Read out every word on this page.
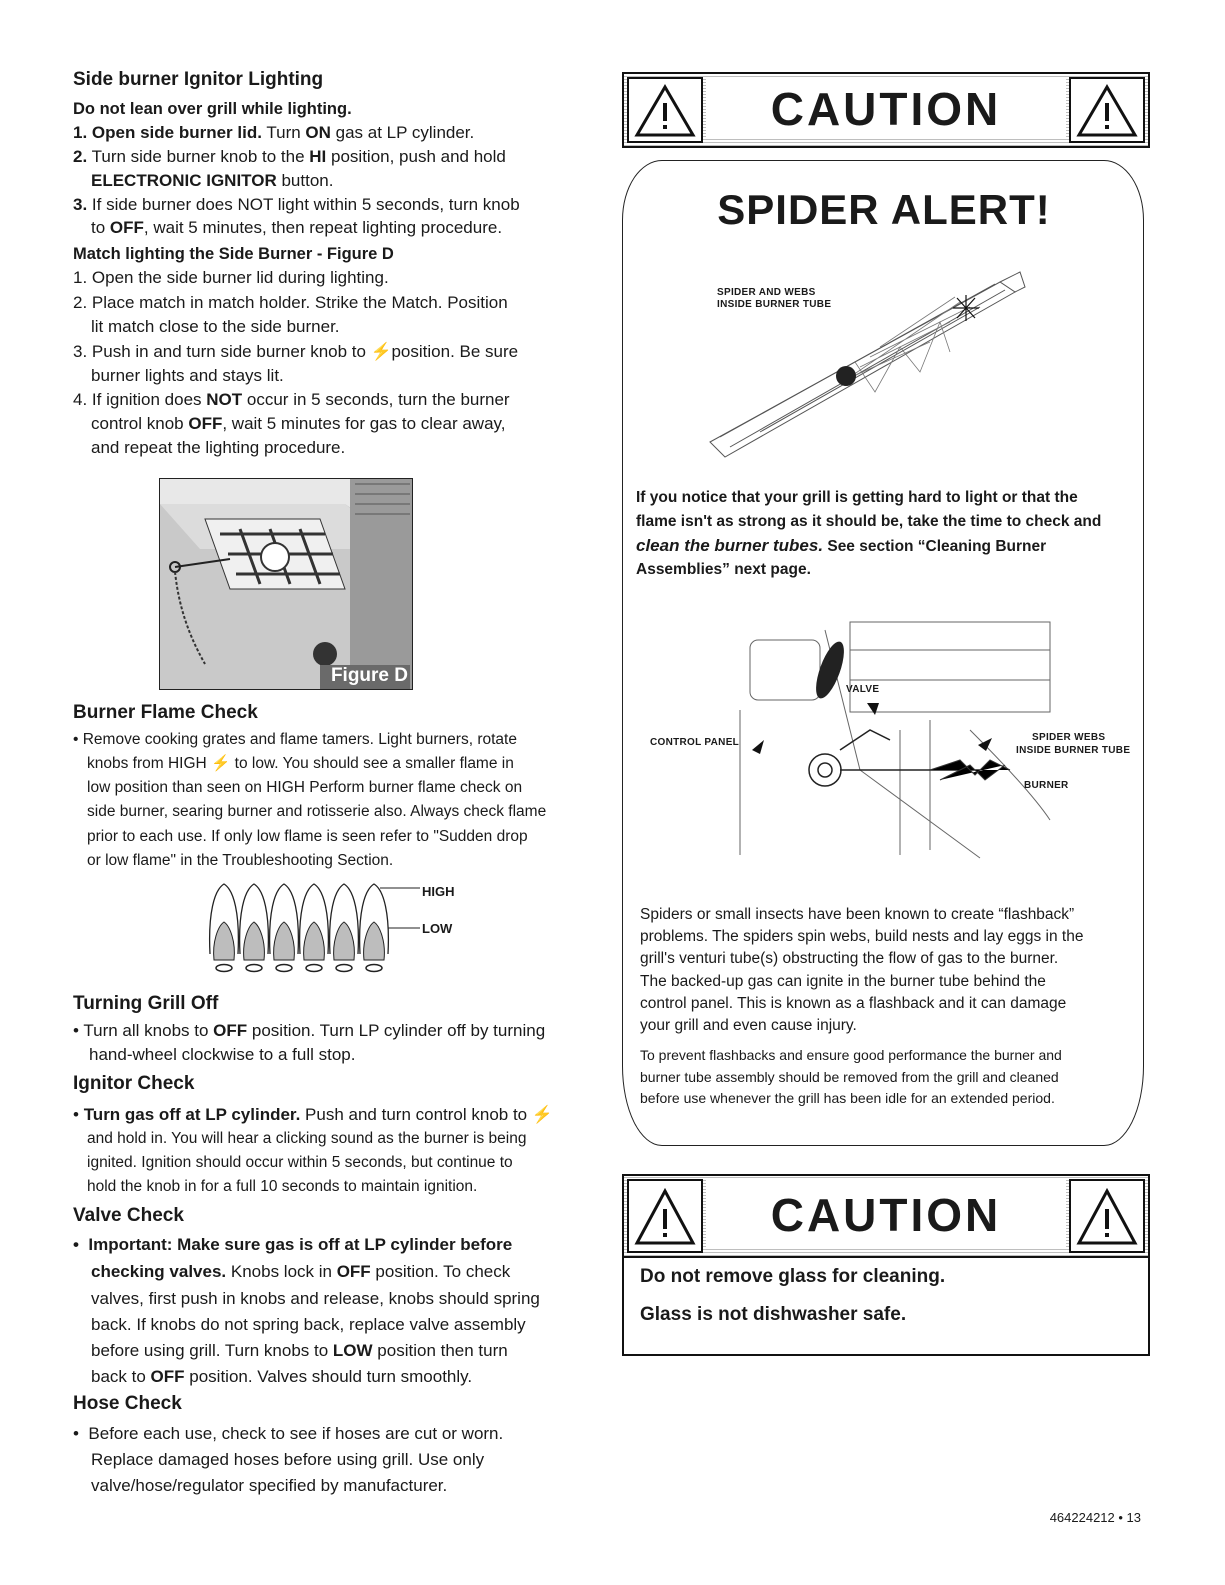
Side burner Ignitor Lighting
Do not lean over grill while lighting.
1. Open side burner lid. Turn ON gas at LP cylinder.
2. Turn side burner knob to the HI position, push and hold
ELECTRONIC IGNITOR button.
3. If side burner does NOT light within 5 seconds, turn knob
to OFF, wait 5 minutes, then repeat lighting procedure.
Match lighting the Side Burner - Figure D
1. Open the side burner lid during lighting.
2. Place match in match holder. Strike the Match. Position
lit match close to the side burner.
3. Push in and turn side burner knob to ⚡ position. Be sure
burner lights and stays lit.
4. If ignition does NOT occur in 5 seconds, turn the burner
control knob OFF, wait 5 minutes for gas to clear away,
and repeat the lighting procedure.
Figure D
Burner Flame Check
• Remove cooking grates and flame tamers. Light burners, rotate
knobs from HIGH ⚡ to low. You should see a smaller flame in
low position than seen on HIGH Perform burner flame check on
side burner, searing burner and rotisserie also. Always check flame
prior to each use. If only low flame is seen refer to "Sudden drop
or low flame" in the Troubleshooting Section.
HIGH
LOW
Turning Grill Off
• Turn all knobs to OFF position. Turn LP cylinder off by turning
hand-wheel clockwise to a full stop.
Ignitor Check
• Turn gas off at LP cylinder. Push and turn control knob to ⚡
and hold in. You will hear a clicking sound as the burner is being
ignited. Ignition should occur within 5 seconds, but continue to
hold the knob in for a full 10 seconds to maintain ignition.
Valve Check
•  Important: Make sure gas is off at LP cylinder before
checking valves. Knobs lock in OFF position. To check
valves, first push in knobs and release, knobs should spring
back. If knobs do not spring back, replace valve assembly
before using grill. Turn knobs to LOW position then turn
back to OFF position. Valves should turn smoothly.
Hose Check
•  Before each use, check to see if hoses are cut or worn.
Replace damaged hoses before using grill. Use only
valve/hose/regulator specified by manufacturer.
CAUTION
SPIDER ALERT!
SPIDER AND WEBS
INSIDE BURNER TUBE
If you notice that your grill is getting hard to light or that the
flame isn't as strong as it should be, take the time to check and
clean the burner tubes. See section “Cleaning Burner
Assemblies” next page.
CONTROL PANEL
VALVE
SPIDER WEBS
INSIDE BURNER TUBE
BURNER
Spiders or small insects have been known to create “flashback”
problems. The spiders spin webs, build nests and lay eggs in the
grill's venturi tube(s) obstructing the flow of gas to the burner.
The backed-up gas can ignite in the burner tube behind the
control panel. This is known as a flashback and it can damage
your grill and even cause injury.
To prevent flashbacks and ensure good performance the burner and
burner tube assembly should be removed from the grill and cleaned
before use whenever the grill has been idle for an extended period.
CAUTION
Do not remove glass for cleaning.
Glass is not dishwasher safe.
464224212 • 13
